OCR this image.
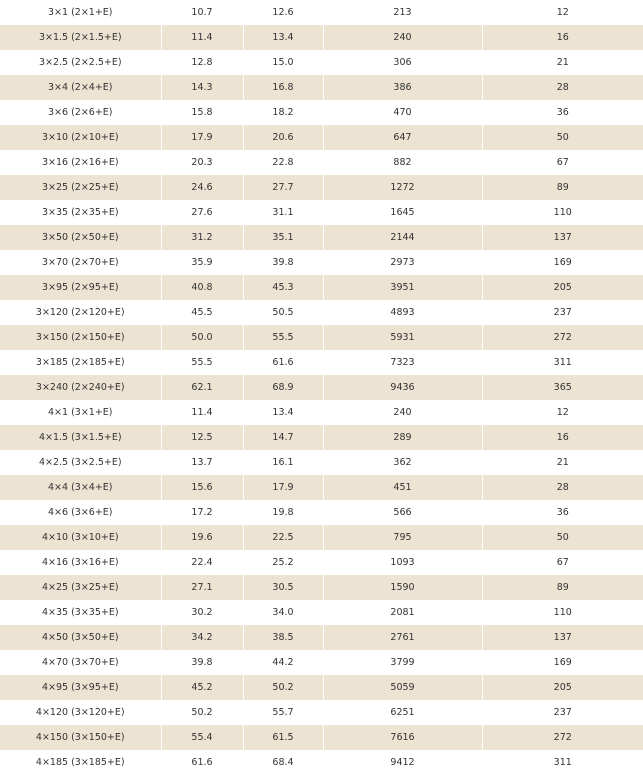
3×1 (2×1+E)	10.7	12.6	213	12
3×1.5 (2×1.5+E)	11.4	13.4	240	16
3×2.5 (2×2.5+E)	12.8	15.0	306	21
3×4 (2×4+E)	14.3	16.8	386	28
3×6 (2×6+E)	15.8	18.2	470	36
3×10 (2×10+E)	17.9	20.6	647	50
3×16 (2×16+E)	20.3	22.8	882	67
3×25 (2×25+E)	24.6	27.7	1272	89
3×35 (2×35+E)	27.6	31.1	1645	110
3×50 (2×50+E)	31.2	35.1	2144	137
3×70 (2×70+E)	35.9	39.8	2973	169
3×95 (2×95+E)	40.8	45.3	3951	205
3×120 (2×120+E)	45.5	50.5	4893	237
3×150 (2×150+E)	50.0	55.5	5931	272
3×185 (2×185+E)	55.5	61.6	7323	311
3×240 (2×240+E)	62.1	68.9	9436	365
4×1 (3×1+E)	11.4	13.4	240	12
4×1.5 (3×1.5+E)	12.5	14.7	289	16
4×2.5 (3×2.5+E)	13.7	16.1	362	21
4×4 (3×4+E)	15.6	17.9	451	28
4×6 (3×6+E)	17.2	19.8	566	36
4×10 (3×10+E)	19.6	22.5	795	50
4×16 (3×16+E)	22.4	25.2	1093	67
4×25 (3×25+E)	27.1	30.5	1590	89
4×35 (3×35+E)	30.2	34.0	2081	110
4×50 (3×50+E)	34.2	38.5	2761	137
4×70 (3×70+E)	39.8	44.2	3799	169
4×95 (3×95+E)	45.2	50.2	5059	205
4×120 (3×120+E)	50.2	55.7	6251	237
4×150 (3×150+E)	55.4	61.5	7616	272
4×185 (3×185+E)	61.6	68.4	9412	311
